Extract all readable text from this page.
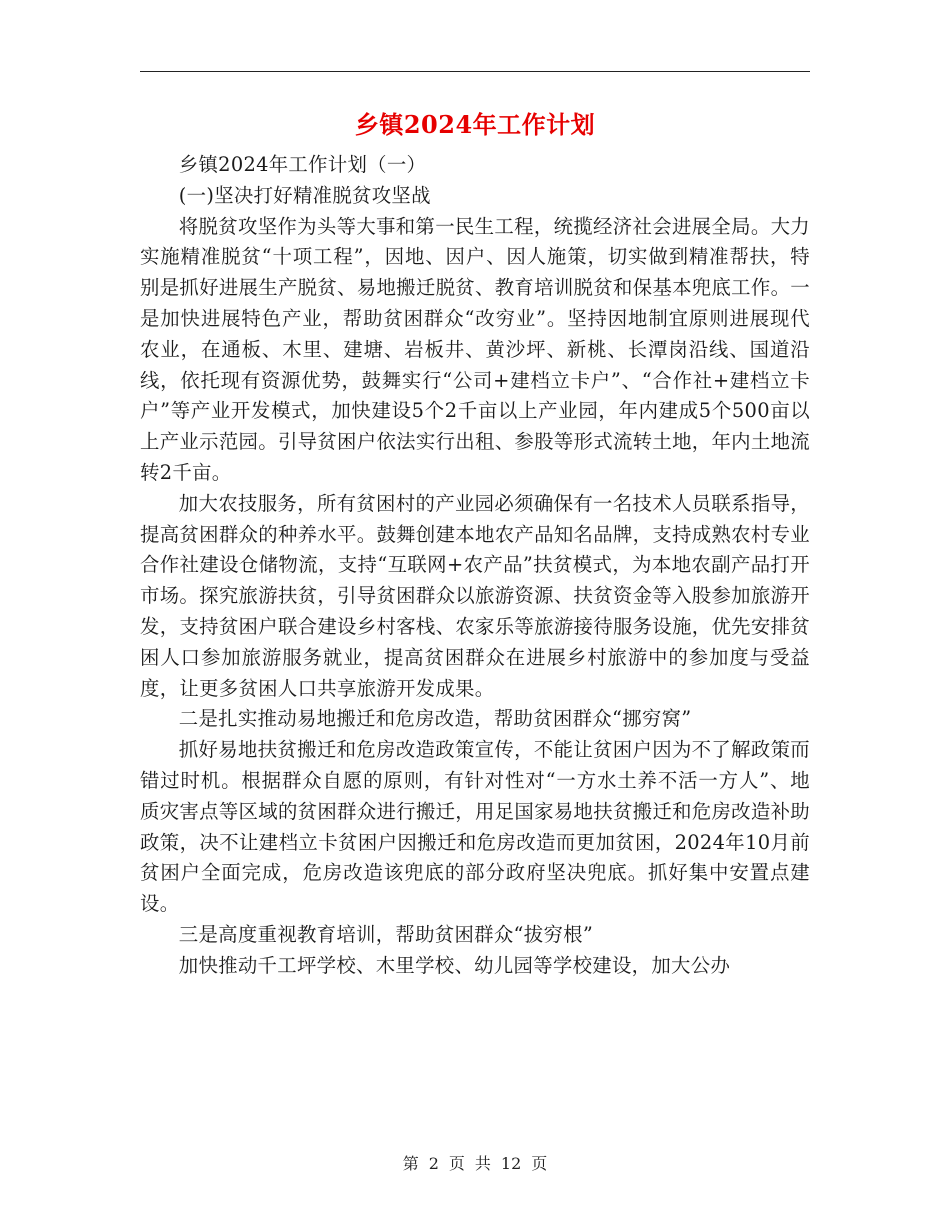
乡镇2024年工作计划

乡镇2024年工作计划（一）

(一)坚决打好精准脱贫攻坚战

将脱贫攻坚作为头等大事和第一民生工程，统揽经济社会进展全局。大力实施精准脱贫“十项工程”，因地、因户、因人施策，切实做到精准帮扶，特别是抓好进展生产脱贫、易地搬迁脱贫、教育培训脱贫和保基本兜底工作。一是加快进展特色产业，帮助贫困群众“改穷业”。坚持因地制宜原则进展现代农业，在通板、木里、建塘、岩板井、黄沙坪、新桃、长潭岗沿线、国道沿线，依托现有资源优势，鼓舞实行“公司+建档立卡户”、“合作社+建档立卡户”等产业开发模式，加快建设5个2千亩以上产业园，年内建成5个500亩以上产业示范园。引导贫困户依法实行出租、参股等形式流转土地，年内土地流转2千亩。

加大农技服务，所有贫困村的产业园必须确保有一名技术人员联系指导，提高贫困群众的种养水平。鼓舞创建本地农产品知名品牌，支持成熟农村专业合作社建设仓储物流，支持“互联网+农产品”扶贫模式，为本地农副产品打开市场。探究旅游扶贫，引导贫困群众以旅游资源、扶贫资金等入股参加旅游开发，支持贫困户联合建设乡村客栈、农家乐等旅游接待服务设施，优先安排贫困人口参加旅游服务就业，提高贫困群众在进展乡村旅游中的参加度与受益度，让更多贫困人口共享旅游开发成果。

二是扎实推动易地搬迁和危房改造，帮助贫困群众“挪穷窝”

抓好易地扶贫搬迁和危房改造政策宣传，不能让贫困户因为不了解政策而错过时机。根据群众自愿的原则，有针对性对“一方水土养不活一方人”、地质灾害点等区域的贫困群众进行搬迁，用足国家易地扶贫搬迁和危房改造补助政策，决不让建档立卡贫困户因搬迁和危房改造而更加贫困，2024年10月前贫困户全面完成，危房改造该兜底的部分政府坚决兜底。抓好集中安置点建设。

三是高度重视教育培训，帮助贫困群众“拔穷根”

加快推动千工坪学校、木里学校、幼儿园等学校建设，加大公办

第 2 页 共 12 页
